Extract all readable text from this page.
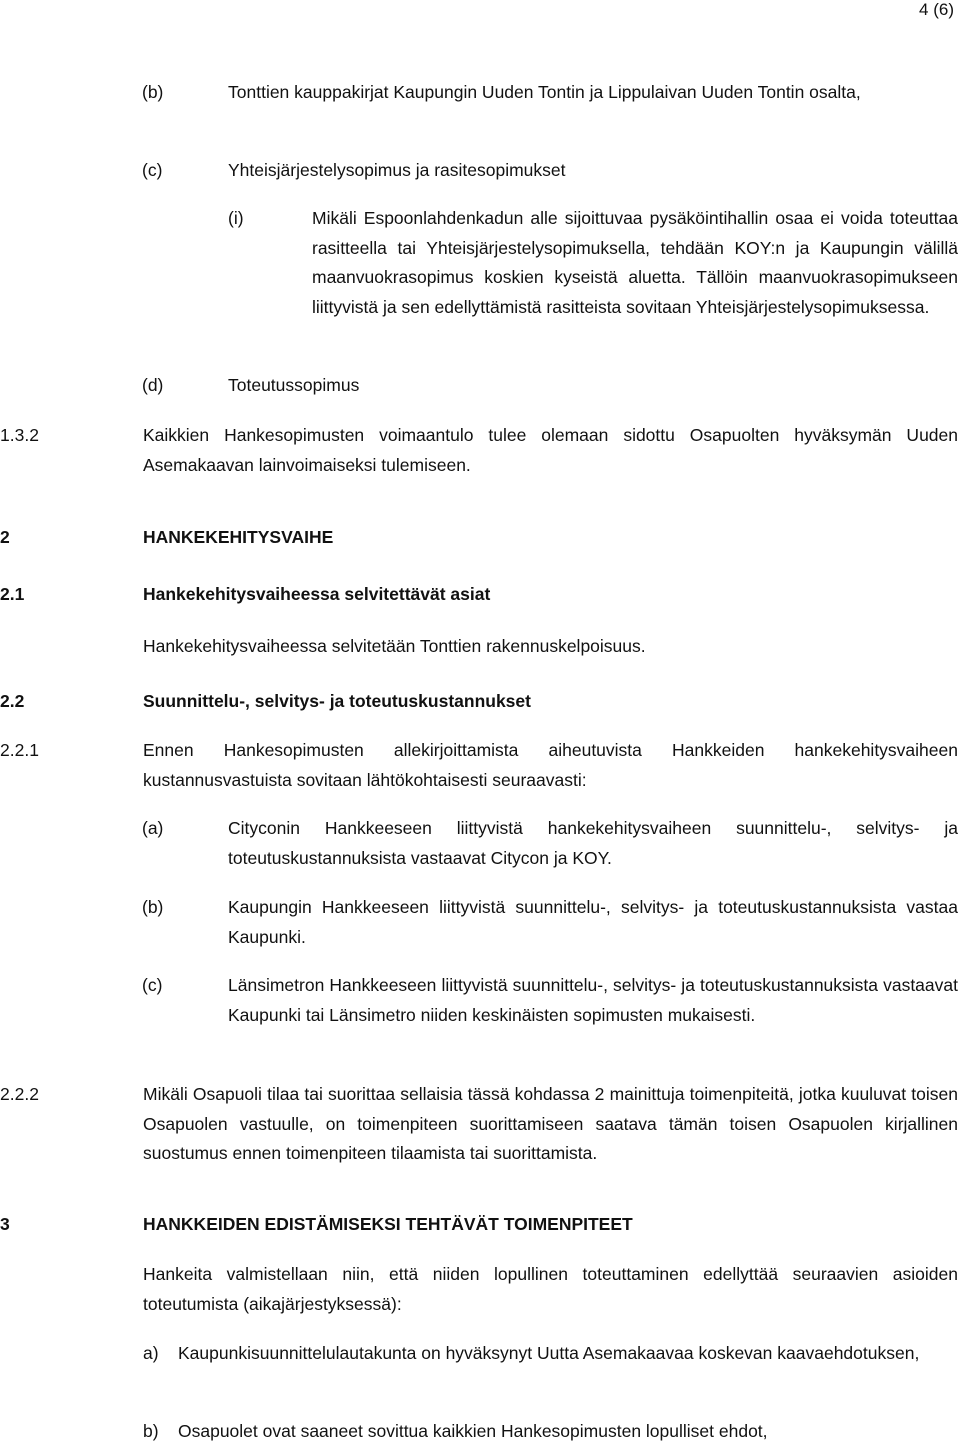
4 (6)
(b)	Tonttien kauppakirjat Kaupungin Uuden Tontin ja Lippulaivan Uuden Tontin osalta,
(c)	Yhteisjärjestelysopimus ja rasitesopimukset
(i)	Mikäli Espoonlahdenkadun alle sijoittuvaa pysäköintihallin osaa ei voida toteuttaa rasitteella tai Yhteisjärjestelysopimuksella, tehdään KOY:n ja Kaupungin välillä maanvuokrasopimus koskien kyseistä aluetta. Tällöin maanvuokrasopimukseen liittyvistä ja sen edellyttämistä rasitteista sovitaan Yhteisjärjestelysopimuksessa.
(d)	Toteutussopimus
1.3.2	Kaikkien Hankesopimusten voimaantulo tulee olemaan sidottu Osapuolten hyväksymän Uuden Asemakaavan lainvoimaiseksi tulemiseen.
2	HANKEKEHITYSVAIHE
2.1	Hankekehitysvaiheessa selvitettävät asiat
Hankekehitysvaiheessa selvitetään Tonttien rakennuskelpoisuus.
2.2	Suunnittelu-, selvitys- ja toteutuskustannukset
2.2.1	Ennen Hankesopimusten allekirjoittamista aiheutuvista Hankkeiden hankekehitysvaiheen kustannusvastuista sovitaan lähtökohtaisesti seuraavasti:
(a)	Cityconin Hankkeeseen liittyvistä hankekehitysvaiheen suunnittelu-, selvitys- ja toteutuskustannuksista vastaavat Citycon ja KOY.
(b)	Kaupungin Hankkeeseen liittyvistä suunnittelu-, selvitys- ja toteutuskustannuksista vastaa Kaupunki.
(c)	Länsimetron Hankkeeseen liittyvistä suunnittelu-, selvitys- ja toteutuskustannuksista vastaavat Kaupunki tai Länsimetro niiden keskinäisten sopimusten mukaisesti.
2.2.2	Mikäli Osapuoli tilaa tai suorittaa sellaisia tässä kohdassa 2 mainittuja toimenpiteitä, jotka kuuluvat toisen Osapuolen vastuulle, on toimenpiteen suorittamiseen saatava tämän toisen Osapuolen kirjallinen suostumus ennen toimenpiteen tilaamista tai suorittamista.
3	HANKKEIDEN EDISTÄMISEKSI TEHTÄVÄT TOIMENPITEET
Hankeita valmistellaan niin, että niiden lopullinen toteuttaminen edellyttää seuraavien asioiden toteutumista (aikajärjestyksessä):
a) Kaupunkisuunnittelulautakunta on hyväksynyt Uutta Asemakaavaa koskevan kaavaehdotuksen,
b) Osapuolet ovat saaneet sovittua kaikkien Hankesopimusten lopulliset ehdot,
